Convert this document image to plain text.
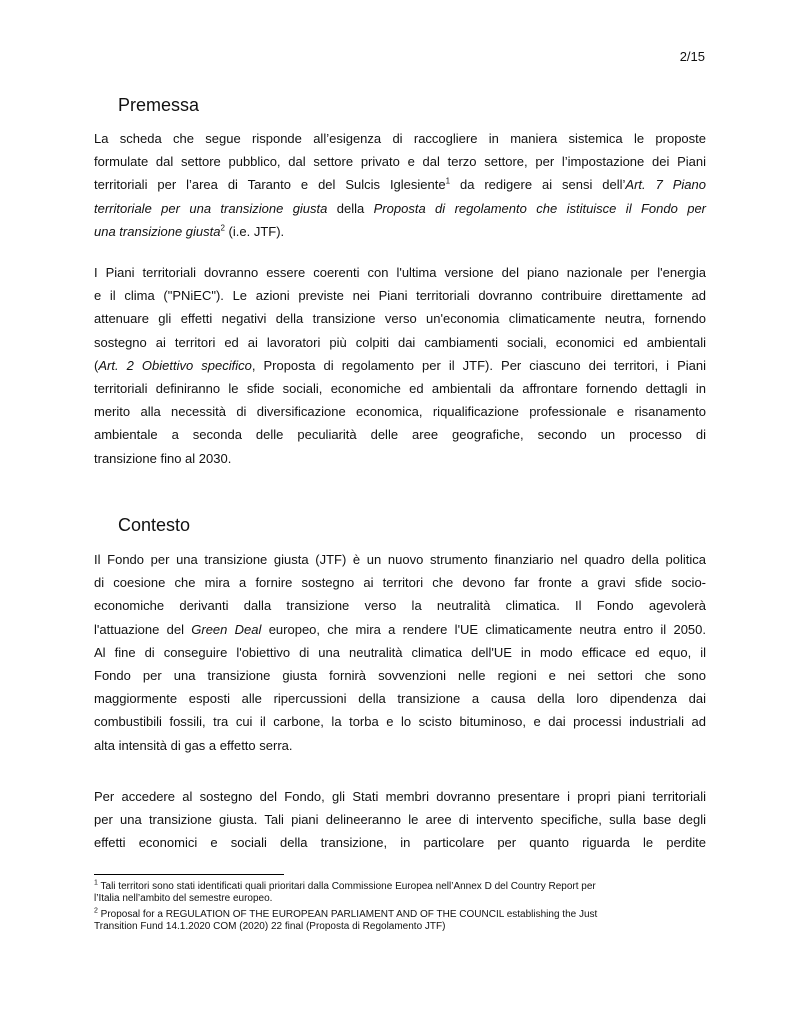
2/15
Premessa
La scheda che segue risponde all’esigenza di raccogliere in maniera sistemica le proposte
formulate dal settore pubblico, dal settore privato e dal terzo settore, per l’impostazione dei Piani
territoriali per l’area di Taranto e del Sulcis Iglesiente$^1$ da redigere ai sensi dell’Art. 7 Piano
territoriale per una transizione giusta della Proposta di regolamento che istituisce il Fondo per
una transizione giusta$^2$ (i.e. JTF).
I Piani territoriali dovranno essere coerenti con l'ultima versione del piano nazionale per l'energia
e il clima ("PNiEC"). Le azioni previste nei Piani territoriali dovranno contribuire direttamente ad
attenuare gli effetti negativi della transizione verso un'economia climaticamente neutra, fornendo
sostegno ai territori ed ai lavoratori più colpiti dai cambiamenti sociali, economici ed ambientali
(Art. 2 Obiettivo specifico, Proposta di regolamento per il JTF). Per ciascuno dei territori, i Piani
territoriali definiranno le sfide sociali, economiche ed ambientali da affrontare fornendo dettagli in
merito alla necessità di diversificazione economica, riqualificazione professionale e risanamento
ambientale a seconda delle peculiarità delle aree geografiche, secondo un processo di
transizione fino al 2030.
Contesto
Il Fondo per una transizione giusta (JTF) è un nuovo strumento finanziario nel quadro della politica
di coesione che mira a fornire sostegno ai territori che devono far fronte a gravi sfide socio-
economiche derivanti dalla transizione verso la neutralità climatica. Il Fondo agevolerà
l'attuazione del Green Deal europeo, che mira a rendere l'UE climaticamente neutra entro il 2050.
Al fine di conseguire l'obiettivo di una neutralità climatica dell'UE in modo efficace ed equo, il
Fondo per una transizione giusta fornirà sovvenzioni nelle regioni e nei settori che sono
maggiormente esposti alle ripercussioni della transizione a causa della loro dipendenza dai
combustibili fossili, tra cui il carbone, la torba e lo scisto bituminoso, e dai processi industriali ad
alta intensità di gas a effetto serra.
Per accedere al sostegno del Fondo, gli Stati membri dovranno presentare i propri piani territoriali
per una transizione giusta. Tali piani delineeranno le aree di intervento specifiche, sulla base degli
effetti economici e sociali della transizione, in particolare per quanto riguarda le perdite
$^1$ Tali territori sono stati identificati quali prioritari dalla Commissione Europea nell’Annex D del Country Report per
l’Italia nell’ambito del semestre europeo.
$^2$ Proposal for a REGULATION OF THE EUROPEAN PARLIAMENT AND OF THE COUNCIL establishing the Just
Transition Fund 14.1.2020 COM (2020) 22 final (Proposta di Regolamento JTF)
